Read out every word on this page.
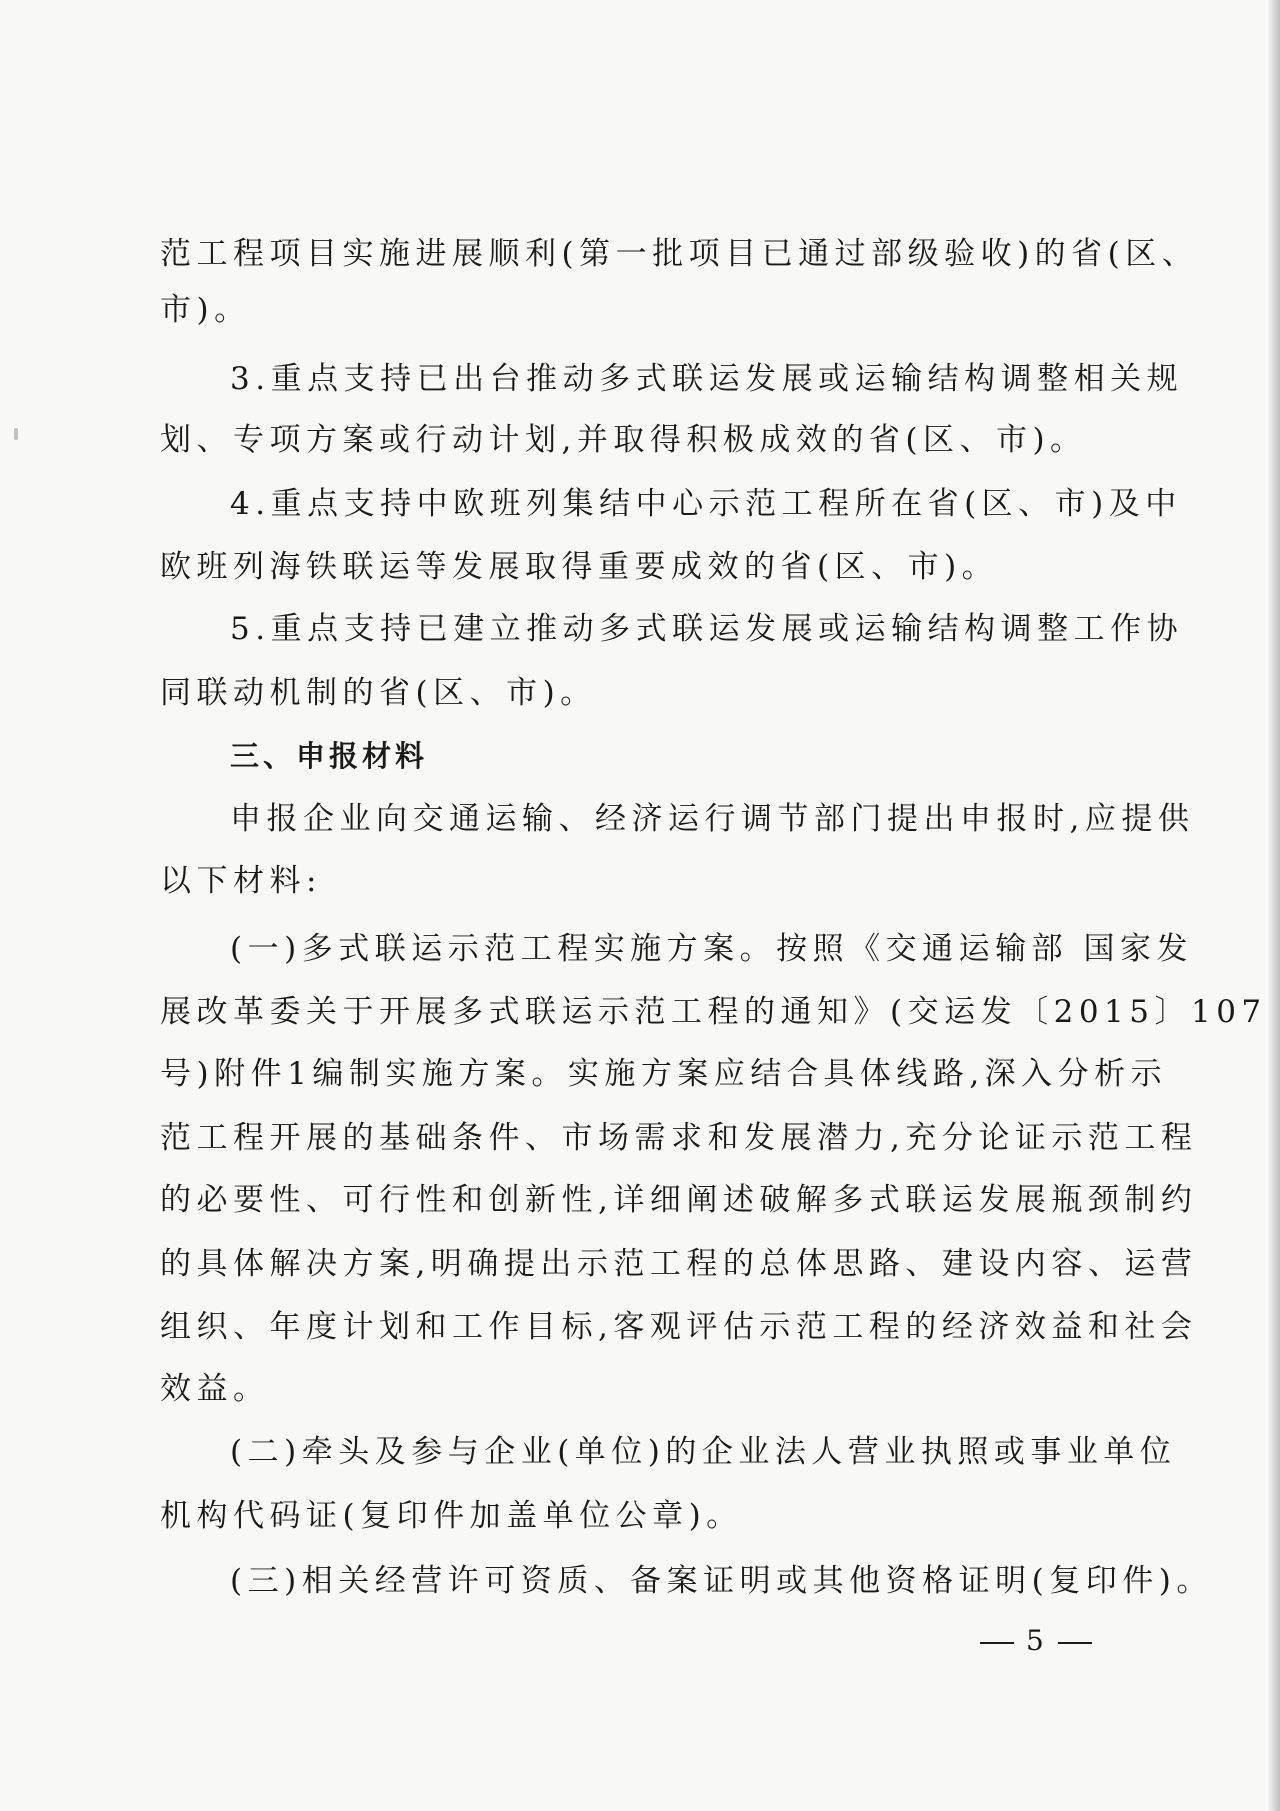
范工程项目实施进展顺利(第一批项目已通过部级验收)的省(区、
市)。
3.重点支持已出台推动多式联运发展或运输结构调整相关规
划、专项方案或行动计划,并取得积极成效的省(区、市)。
4.重点支持中欧班列集结中心示范工程所在省(区、市)及中
欧班列海铁联运等发展取得重要成效的省(区、市)。
5.重点支持已建立推动多式联运发展或运输结构调整工作协
同联动机制的省(区、市)。
三、申报材料
申报企业向交通运输、经济运行调节部门提出申报时,应提供
以下材料:
(一)多式联运示范工程实施方案。按照《交通运输部 国家发
展改革委关于开展多式联运示范工程的通知》(交运发〔2015〕107
号)附件1编制实施方案。实施方案应结合具体线路,深入分析示
范工程开展的基础条件、市场需求和发展潜力,充分论证示范工程
的必要性、可行性和创新性,详细阐述破解多式联运发展瓶颈制约
的具体解决方案,明确提出示范工程的总体思路、建设内容、运营
组织、年度计划和工作目标,客观评估示范工程的经济效益和社会
效益。
(二)牵头及参与企业(单位)的企业法人营业执照或事业单位
机构代码证(复印件加盖单位公章)。
(三)相关经营许可资质、备案证明或其他资格证明(复印件)。
5
